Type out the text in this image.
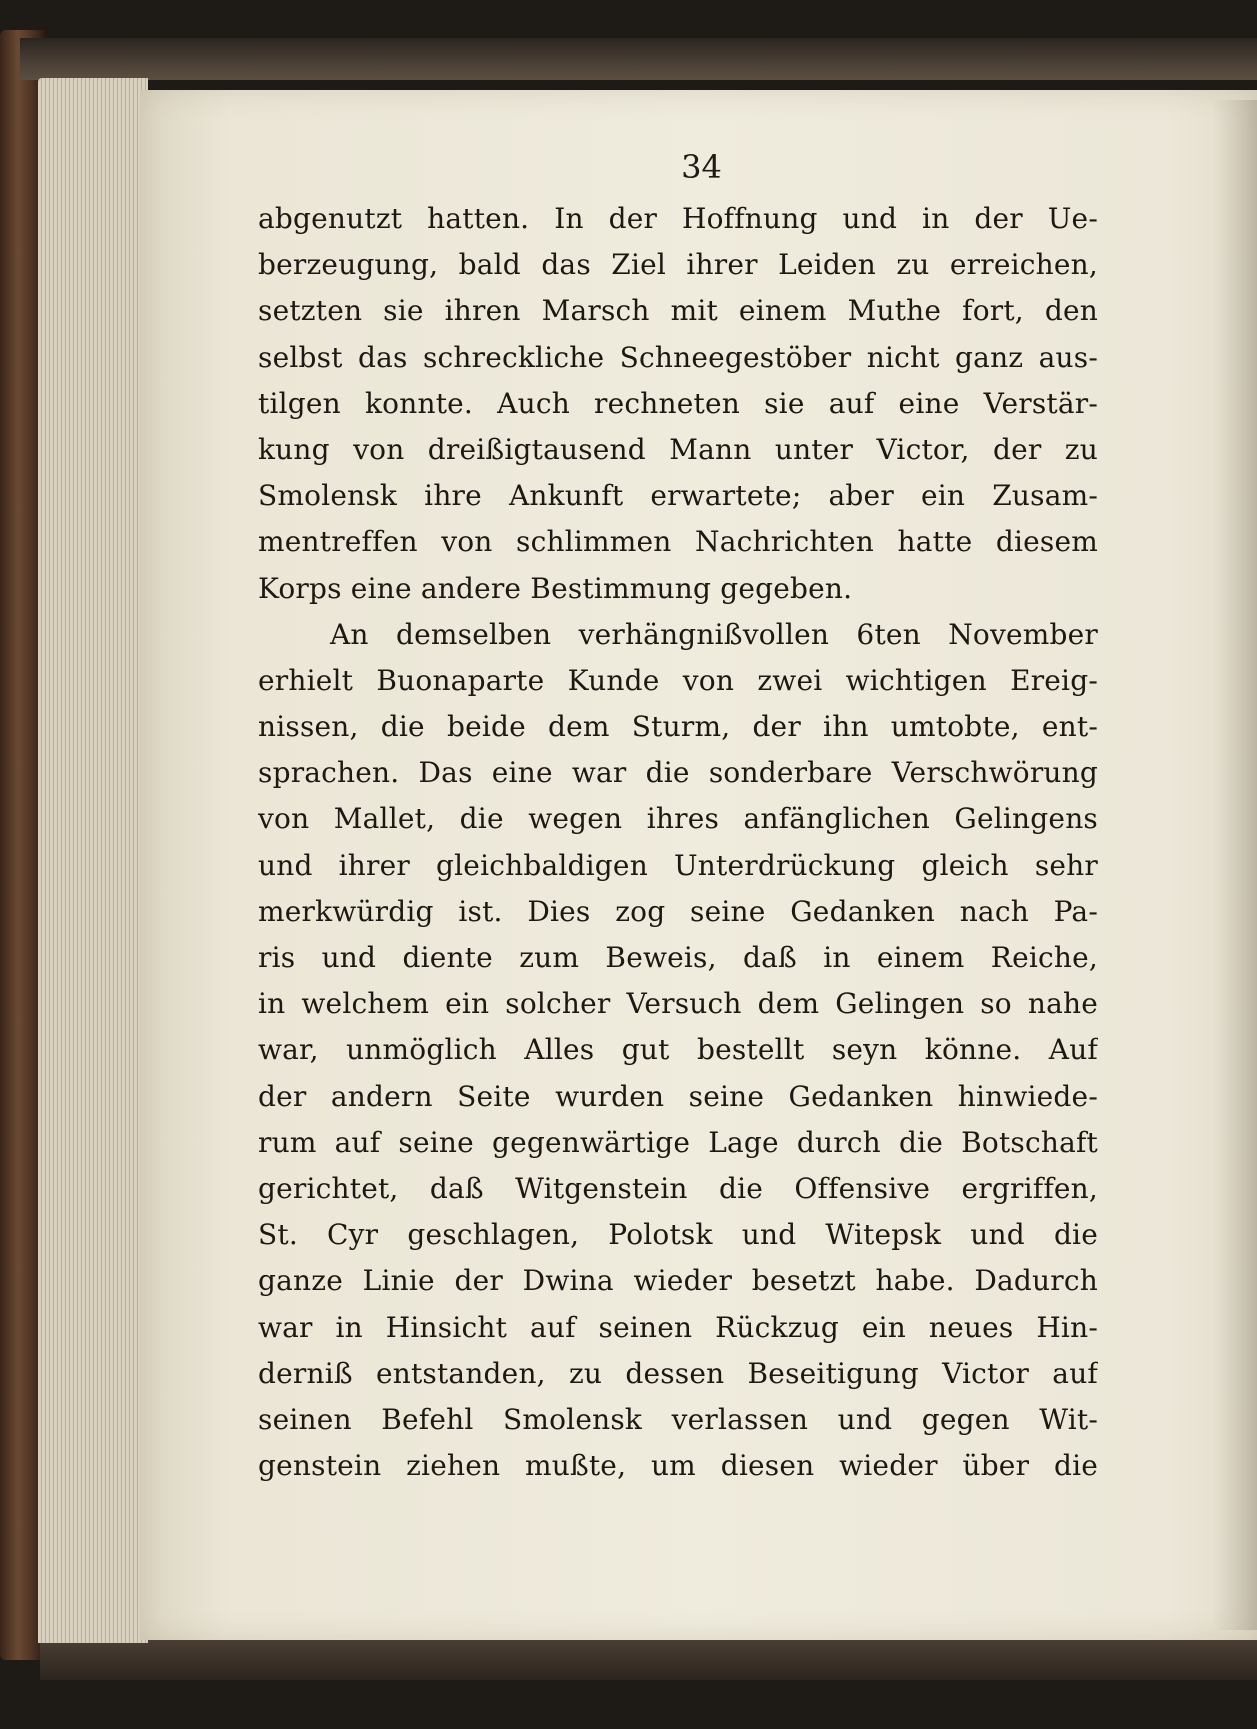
34
abgenutzt hatten. In der Hoffnung und in der Ue-
berzeugung, bald das Ziel ihrer Leiden zu erreichen,
setzten sie ihren Marsch mit einem Muthe fort, den
selbst das schreckliche Schneegestöber nicht ganz aus-
tilgen konnte. Auch rechneten sie auf eine Verstär-
kung von dreißigtausend Mann unter Victor, der zu
Smolensk ihre Ankunft erwartete; aber ein Zusam-
mentreffen von schlimmen Nachrichten hatte diesem
Korps eine andere Bestimmung gegeben.
An demselben verhängnißvollen 6ten November
erhielt Buonaparte Kunde von zwei wichtigen Ereig-
nissen, die beide dem Sturm, der ihn umtobte, ent-
sprachen. Das eine war die sonderbare Verschwörung
von Mallet, die wegen ihres anfänglichen Gelingens
und ihrer gleichbaldigen Unterdrückung gleich sehr
merkwürdig ist. Dies zog seine Gedanken nach Pa-
ris und diente zum Beweis, daß in einem Reiche,
in welchem ein solcher Versuch dem Gelingen so nahe
war, unmöglich Alles gut bestellt seyn könne. Auf
der andern Seite wurden seine Gedanken hinwiede-
rum auf seine gegenwärtige Lage durch die Botschaft
gerichtet, daß Witgenstein die Offensive ergriffen,
St. Cyr geschlagen, Polotsk und Witepsk und die
ganze Linie der Dwina wieder besetzt habe. Dadurch
war in Hinsicht auf seinen Rückzug ein neues Hin-
derniß entstanden, zu dessen Beseitigung Victor auf
seinen Befehl Smolensk verlassen und gegen Wit-
genstein ziehen mußte, um diesen wieder über die
